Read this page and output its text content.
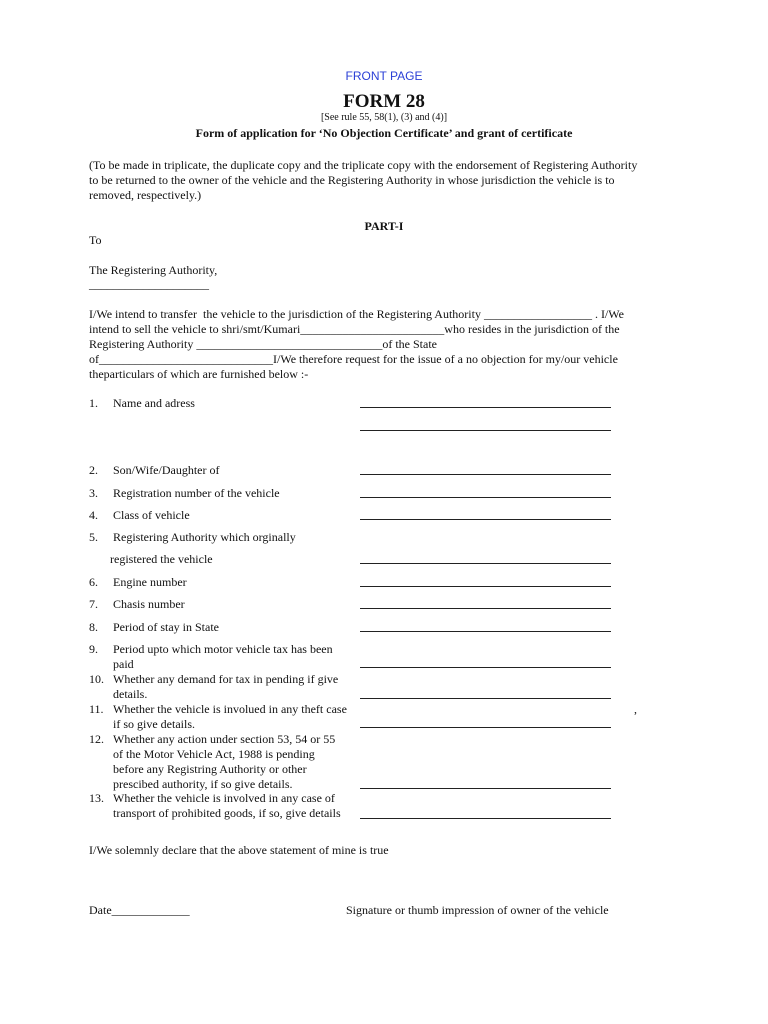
FRONT PAGE
FORM 28
[See rule 55, 58(1), (3) and (4)]
Form of application for ‘No Objection Certificate’ and grant of certificate
(To be made in triplicate, the duplicate copy and the triplicate copy with the endorsement of Registering Authority
to be returned to the owner of the vehicle and the Registering Authority in whose jurisdiction the vehicle is to
removed, respectively.)
PART-I
To
The Registering Authority,
____________________
I/We intend to transfer  the vehicle to the jurisdiction of the Registering Authority __________________ . I/We
intend to sell the vehicle to shri/smt/Kumari________________________who resides in the jurisdiction of the
Registering Authority _______________________________of the State
of_____________________________I/We therefore request for the issue of a no objection for my/our vehicle
theparticulars of which are furnished below :-
1. Name and adress
2. Son/Wife/Daughter of
3. Registration number of the vehicle
4. Class of vehicle
5. Registering Authority which orginally
registered the vehicle
6. Engine number
7. Chasis number
8. Period of stay in State
9. Period upto which motor vehicle tax has been
paid
10. Whether any demand for tax in pending if give
details.
11. Whether the vehicle is involued in any theft case
if so give details.
,
12. Whether any action under section 53, 54 or 55
of the Motor Vehicle Act, 1988 is pending
before any Registring Authority or other
prescibed authority, if so give details.
13. Whether the vehicle is involved in any case of
transport of prohibited goods, if so, give details
I/We solemnly declare that the above statement of mine is true
Date_____________	Signature or thumb impression of owner of the vehicle
